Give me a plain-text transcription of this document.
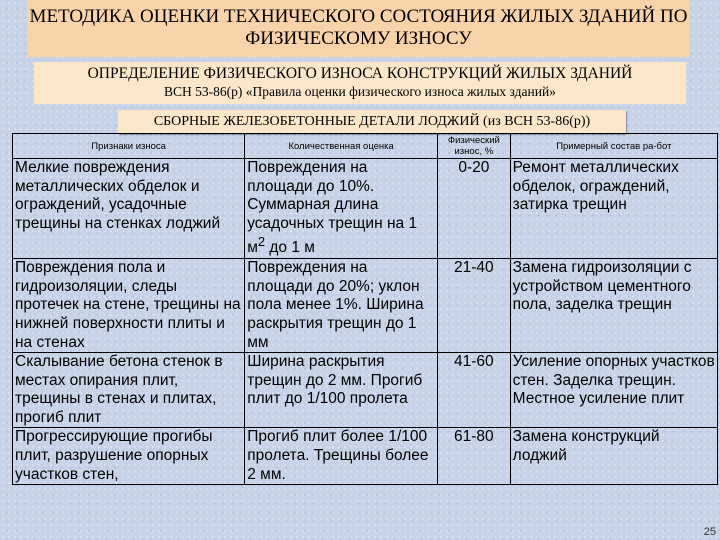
МЕТОДИКА ОЦЕНКИ ТЕХНИЧЕСКОГО СОСТОЯНИЯ ЖИЛЫХ ЗДАНИЙ ПО ФИЗИЧЕСКОМУ ИЗНОСУ
ОПРЕДЕЛЕНИЕ ФИЗИЧЕСКОГО ИЗНОСА КОНСТРУКЦИЙ ЖИЛЫХ ЗДАНИЙ
ВСН 53-86(р) «Правила оценки физического износа жилых зданий»
СБОРНЫЕ ЖЕЛЕЗОБЕТОННЫЕ ДЕТАЛИ ЛОДЖИЙ (из ВСН 53-86(р))
Признаки износа	Количественная оценка	Физический износ, %	Примерный состав ра-бот
Мелкие повреждения металлических обделок и ограждений, усадочные трещины на стенках лоджий	Повреждения на площади до 10%. Суммарная длина усадочных трещин на 1 $м^2$ до 1 м	0-20	Ремонт металлических обделок, ограждений, затирка трещин
Повреждения пола и гидроизоляции, следы протечек на стене, трещины на нижней поверхности плиты и на стенах	Повреждения на площади до 20%; уклон пола менее 1%. Ширина раскрытия трещин до 1 мм	21-40	Замена гидроизоляции с устройством цементного пола, заделка трещин
Скалывание бетона стенок в местах опирания плит, трещины в стенах и плитах, прогиб плит	Ширина раскрытия трещин до 2 мм. Прогиб плит до 1/100 пролета	41-60	Усиление опорных участков стен. Заделка трещин. Местное усиление плит
Прогрессирующие прогибы плит, разрушение опорных участков стен,	Прогиб плит более 1/100 пролета. Трещины более 2 мм.	61-80	Замена конструкций лоджий
25
